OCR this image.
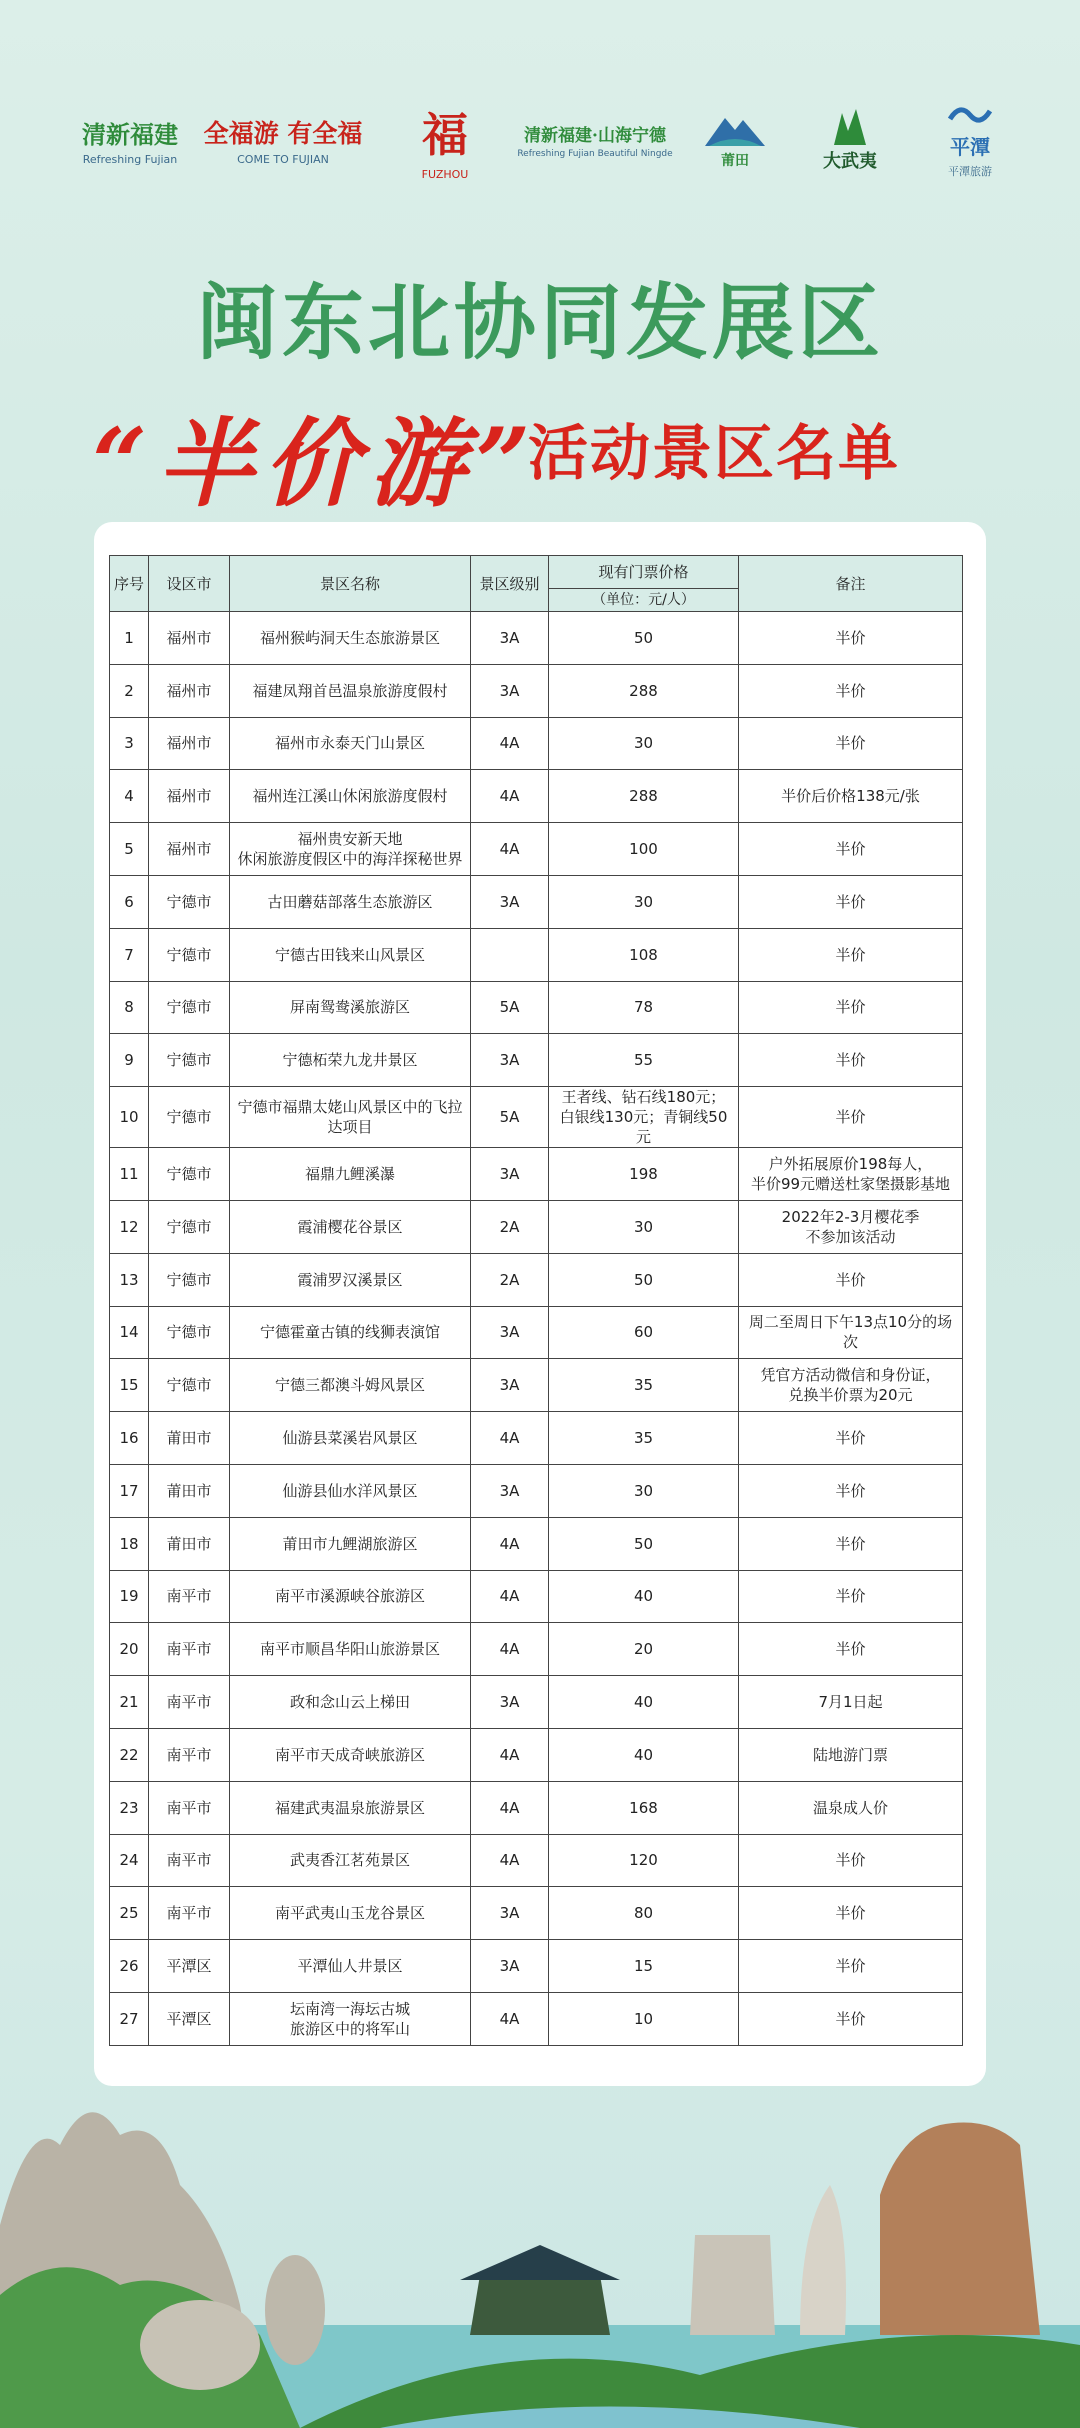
清新福建
Refreshing Fujian
全福游 有全福
COME TO FUJIAN 福
FUZHOU
清新福建·山海宁德
Refreshing Fujian Beautiful Ningde	莆田	大武夷
平潭
平潭旅游
闽东北协同发展区
“半价游”
活动景区名单
序号	设区市	景区名称	景区级别	现有门票价格	备注
				（单位：元/人）	
1	福州市	福州猴屿洞天生态旅游景区	3A	50	半价
2	福州市	福建凤翔首邑温泉旅游度假村	3A	288	半价
3	福州市	福州市永泰天门山景区	4A	30	半价
4	福州市	福州连江溪山休闲旅游度假村	4A	288	半价后价格138元/张
5	福州市	福州贵安新天地
休闲旅游度假区中的海洋探秘世界	4A	100	半价
6	宁德市	古田蘑菇部落生态旅游区	3A	30	半价
7	宁德市	宁德古田钱来山风景区		108	半价
8	宁德市	屏南鸳鸯溪旅游区	5A	78	半价
9	宁德市	宁德柘荣九龙井景区	3A	55	半价
10	宁德市	宁德市福鼎太姥山风景区中的飞拉
达项目	5A	王者线、钻石线180元；
白银线130元；青铜线50元	半价
11	宁德市	福鼎九鲤溪瀑	3A	198	户外拓展原价198每人，
半价99元赠送杜家堡摄影基地
12	宁德市	霞浦樱花谷景区	2A	30	2022年2-3月樱花季
不参加该活动
13	宁德市	霞浦罗汉溪景区	2A	50	半价
14	宁德市	宁德霍童古镇的线狮表演馆	3A	60	周二至周日下午13点10分的场次
15	宁德市	宁德三都澳斗姆风景区	3A	35	凭官方活动微信和身份证，
兑换半价票为20元
16	莆田市	仙游县菜溪岩风景区	4A	35	半价
17	莆田市	仙游县仙水洋风景区	3A	30	半价
18	莆田市	莆田市九鲤湖旅游区	4A	50	半价
19	南平市	南平市溪源峡谷旅游区	4A	40	半价
20	南平市	南平市顺昌华阳山旅游景区	4A	20	半价
21	南平市	政和念山云上梯田	3A	40	7月1日起
22	南平市	南平市天成奇峡旅游区	4A	40	陆地游门票
23	南平市	福建武夷温泉旅游景区	4A	168	温泉成人价
24	南平市	武夷香江茗苑景区	4A	120	半价
25	南平市	南平武夷山玉龙谷景区	3A	80	半价
26	平潭区	平潭仙人井景区	3A	15	半价
27	平潭区	坛南湾一海坛古城
旅游区中的将军山	4A	10	半价
